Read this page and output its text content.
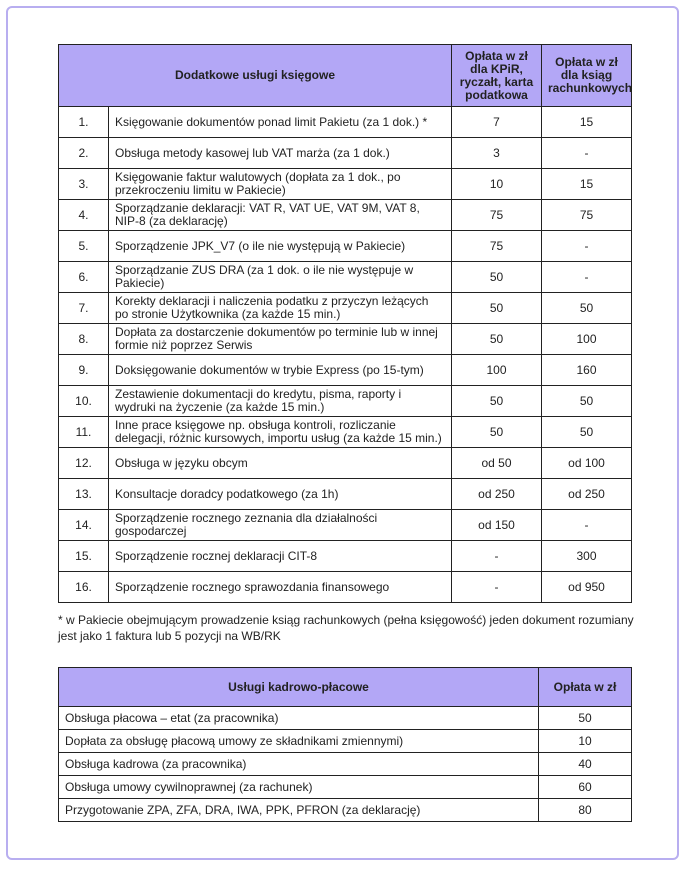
Dodatkowe usługi księgowe		Opłata w zł dla KPiR, ryczałt, karta podatkowa	Opłata w zł dla ksiąg rachunkowych
1.	Księgowanie dokumentów ponad limit Pakietu (za 1 dok.) *	7	15
2.	Obsługa metody kasowej lub VAT marża (za 1 dok.)	3	-
3.	Księgowanie faktur walutowych (dopłata za 1 dok., po przekroczeniu limitu w Pakiecie)	10	15
4.	Sporządzanie deklaracji: VAT R, VAT UE, VAT 9M, VAT 8, NIP-8 (za deklarację)	75	75
5.	Sporządzenie JPK_V7 (o ile nie występują w Pakiecie)	75	-
6.	Sporządzanie ZUS DRA (za 1 dok. o ile nie występuje w Pakiecie)	50	-
7.	Korekty deklaracji i naliczenia podatku z przyczyn leżących po stronie Użytkownika (za każde 15 min.)	50	50
8.	Dopłata za dostarczenie dokumentów po terminie lub w innej formie niż poprzez Serwis	50	100
9.	Doksięgowanie dokumentów w trybie Express (po 15-tym)	100	160
10.	Zestawienie dokumentacji do kredytu, pisma, raporty i wydruki na życzenie (za każde 15 min.)	50	50
11.	Inne prace księgowe np. obsługa kontroli, rozliczanie delegacji, różnic kursowych, importu usług (za każde 15 min.)	50	50
12.	Obsługa w języku obcym	od 50	od 100
13.	Konsultacje doradcy podatkowego (za 1h)	od 250	od 250
14.	Sporządzenie rocznego zeznania dla działalności gospodarczej	od 150	-
15.	Sporządzenie rocznej deklaracji CIT-8	-	300
16.	Sporządzenie rocznego sprawozdania finansowego	-	od 950
* w Pakiecie obejmującym prowadzenie ksiąg rachunkowych (pełna księgowość) jeden dokument rozumiany jest jako 1 faktura lub 5 pozycji na WB/RK
Usługi kadrowo-płacowe	Opłata w zł
Obsługa płacowa – etat (za pracownika)	50
Dopłata za obsługę płacową umowy ze składnikami zmiennymi)	10
Obsługa kadrowa (za pracownika)	40
Obsługa umowy cywilnoprawnej (za rachunek)	60
Przygotowanie ZPA, ZFA, DRA, IWA, PPK, PFRON (za deklarację)	80
